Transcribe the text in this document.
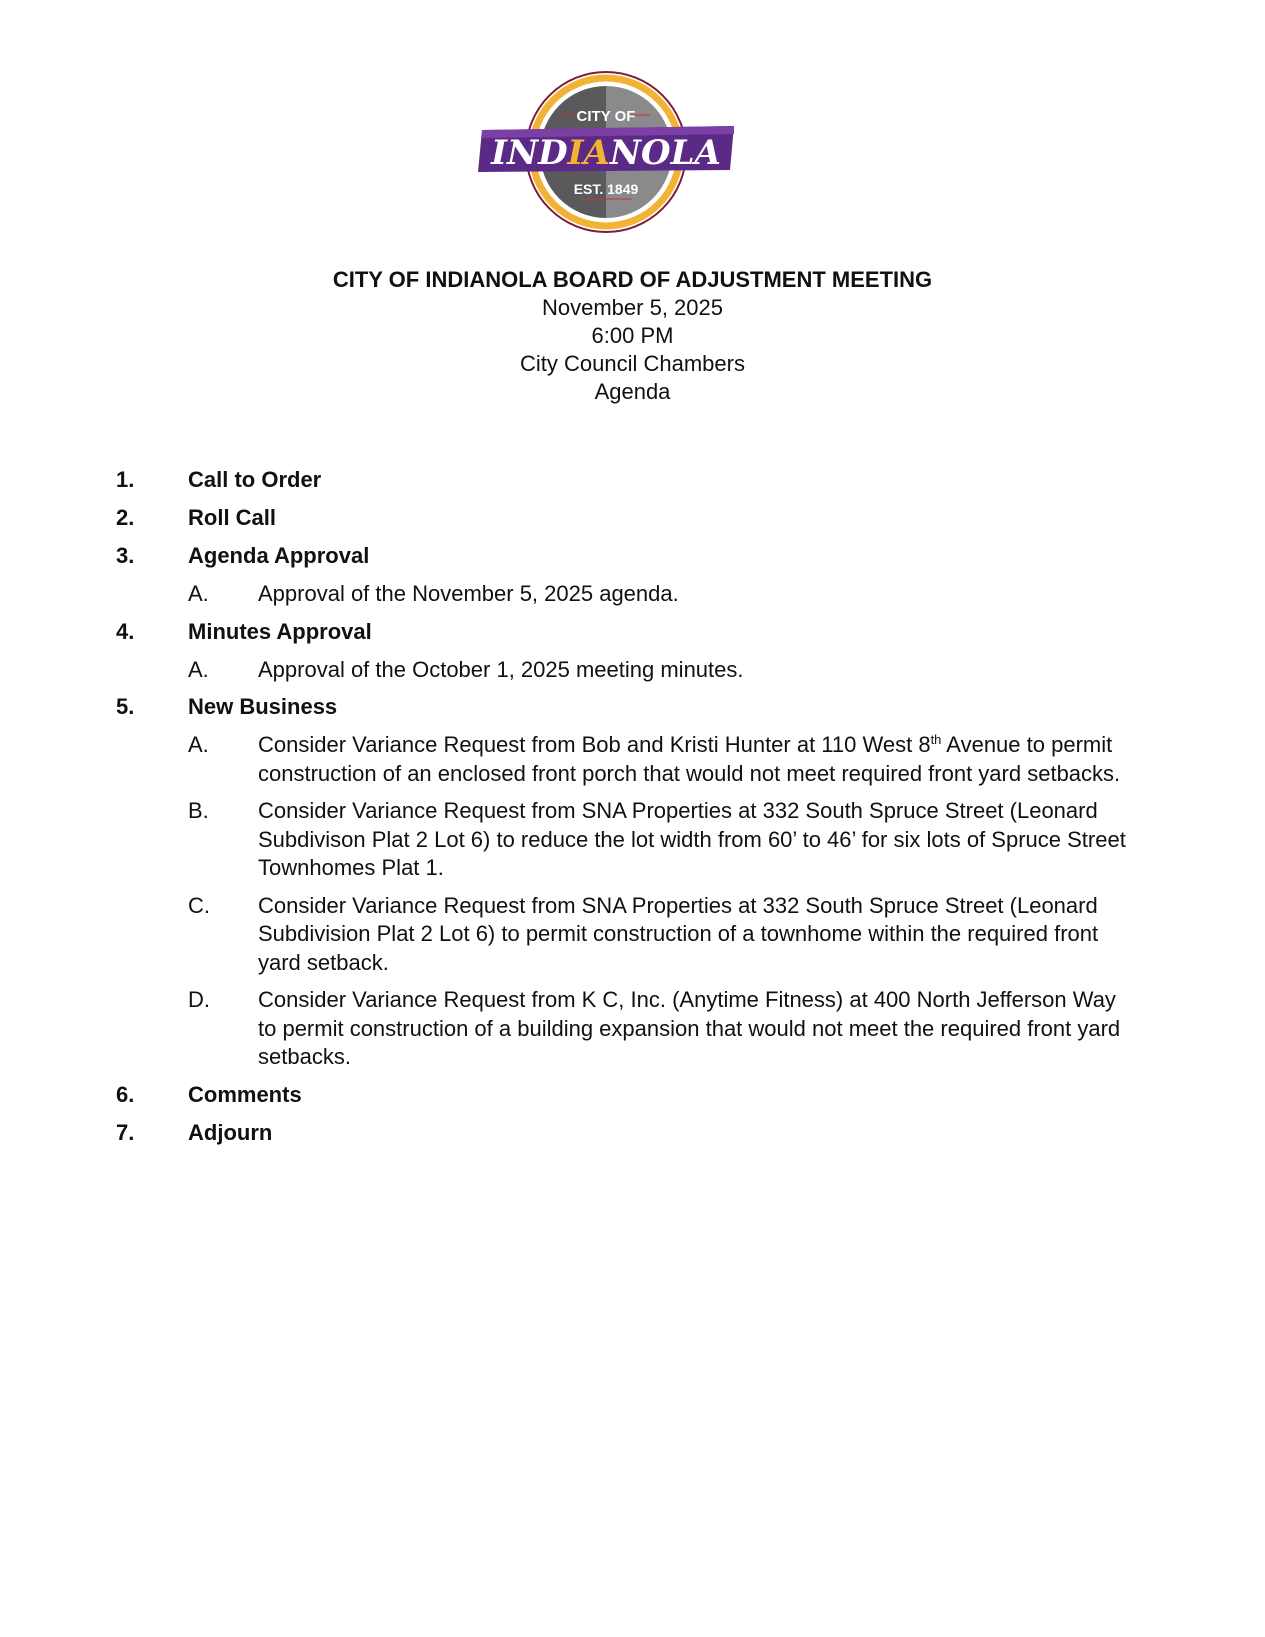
CITY OF
INDIANOLA
EST. 1849
CITY OF INDIANOLA BOARD OF ADJUSTMENT MEETING
November 5, 2025
6:00 PM
City Council Chambers
Agenda
1.	Call to Order
2.	Roll Call
3.	Agenda Approval
A.	Approval of the November 5, 2025 agenda.
4.	Minutes Approval
A.	Approval of the October 1, 2025 meeting minutes.
5.	New Business
A.	Consider Variance Request from Bob and Kristi Hunter at 110 West 8th Avenue to permit construction of an enclosed front porch that would not meet required front yard setbacks.
B.	Consider Variance Request from SNA Properties at 332 South Spruce Street (Leonard Subdivison Plat 2 Lot 6) to reduce the lot width from 60’ to 46’ for six lots of Spruce Street Townhomes Plat 1.
C.	Consider Variance Request from SNA Properties at 332 South Spruce Street (Leonard Subdivision Plat 2 Lot 6) to permit construction of a townhome within the required front yard setback.
D.	Consider Variance Request from K C, Inc. (Anytime Fitness) at 400 North Jefferson Way to permit construction of a building expansion that would not meet the required front yard setbacks.
6.	Comments
7.	Adjourn
